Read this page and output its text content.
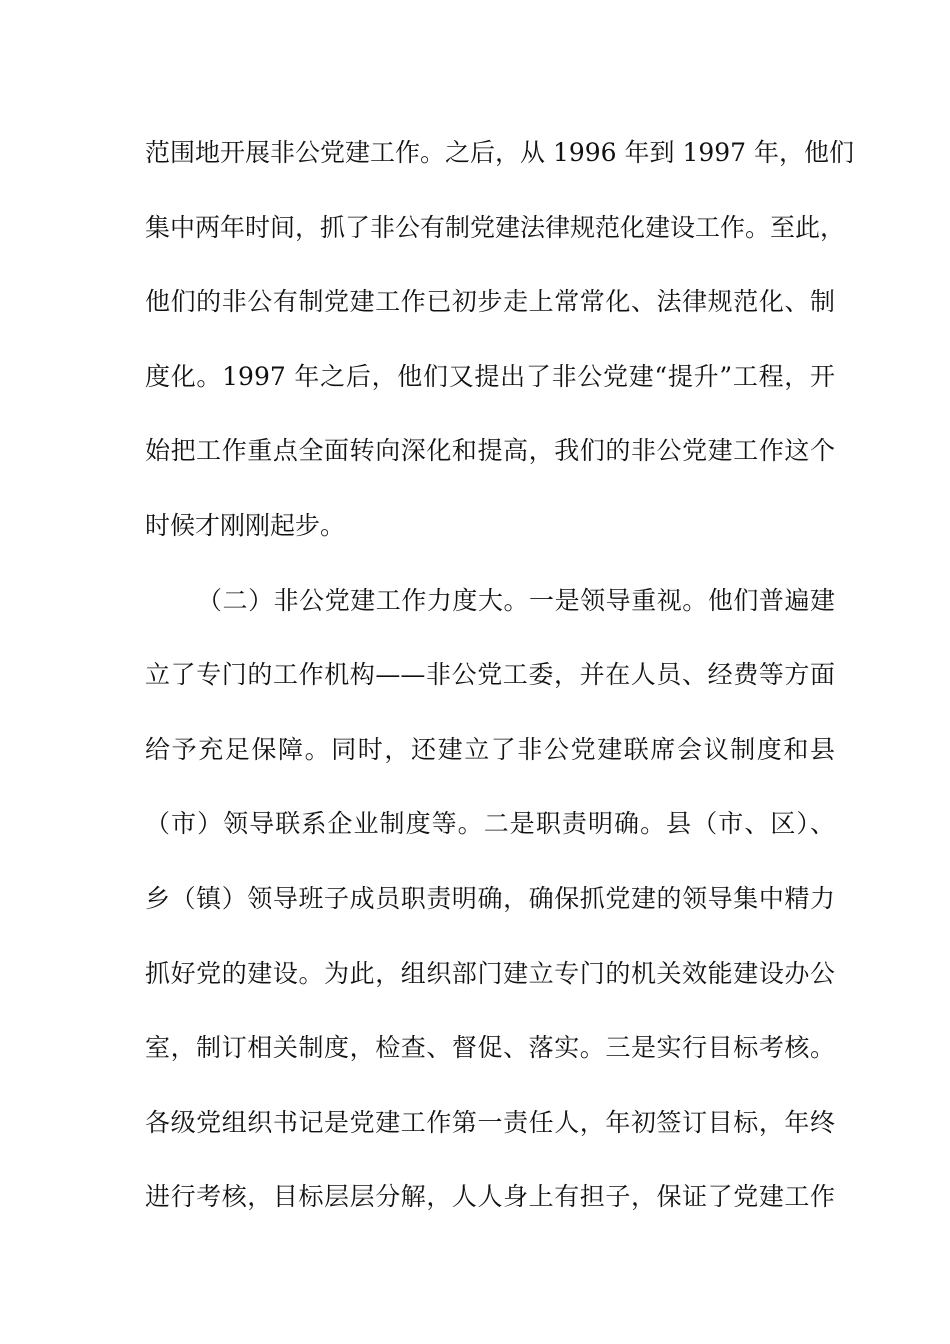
范围地开展非公党建工作。之后，从 1996 年到 1997 年，他们
集中两年时间，抓了非公有制党建法律规范化建设工作。至此，
他们的非公有制党建工作已初步走上常常化、法律规范化、制
度化。1997 年之后，他们又提出了非公党建“提升”工程，开
始把工作重点全面转向深化和提高，我们的非公党建工作这个
时候才刚刚起步。
（二）非公党建工作力度大。一是领导重视。他们普遍建
立了专门的工作机构——非公党工委，并在人员、经费等方面
给予充足保障。同时，还建立了非公党建联席会议制度和县
（市）领导联系企业制度等。二是职责明确。县（市、区）、
乡（镇）领导班子成员职责明确，确保抓党建的领导集中精力
抓好党的建设。为此，组织部门建立专门的机关效能建设办公
室，制订相关制度，检查、督促、落实。三是实行目标考核。
各级党组织书记是党建工作第一责任人，年初签订目标，年终
进行考核，目标层层分解，人人身上有担子，保证了党建工作
